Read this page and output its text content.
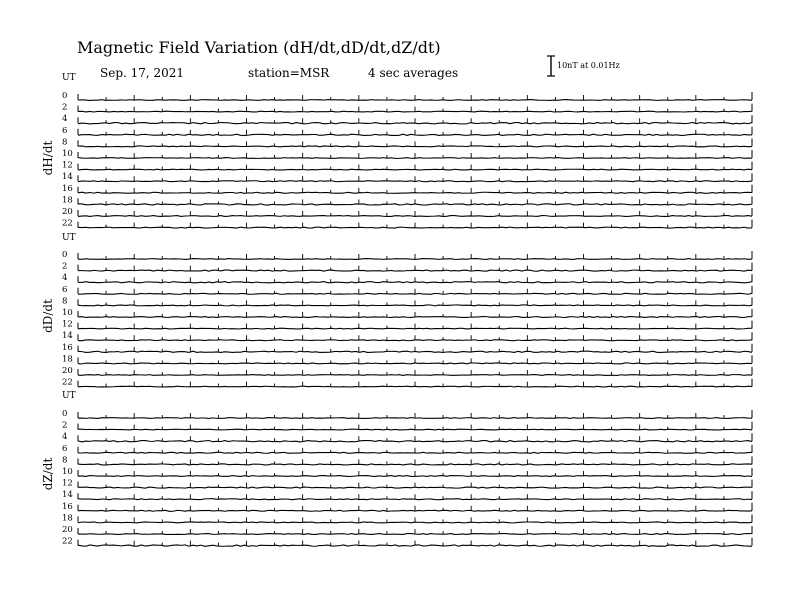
Magnetic Field Variation (dH/dt,dD/dt,dZ/dt)
Sep. 17, 2021	station=MSR	4 sec averages
10nT at 0.01Hz
UT
dH/dt
0
2
4
6
8
10
12
14
16
18
20
22
UT
dD/dt
0
2
4
6
8
10
12
14
16
18
20
22
UT
dZ/dt
0
2
4
6
8
10
12
14
16
18
20
22
